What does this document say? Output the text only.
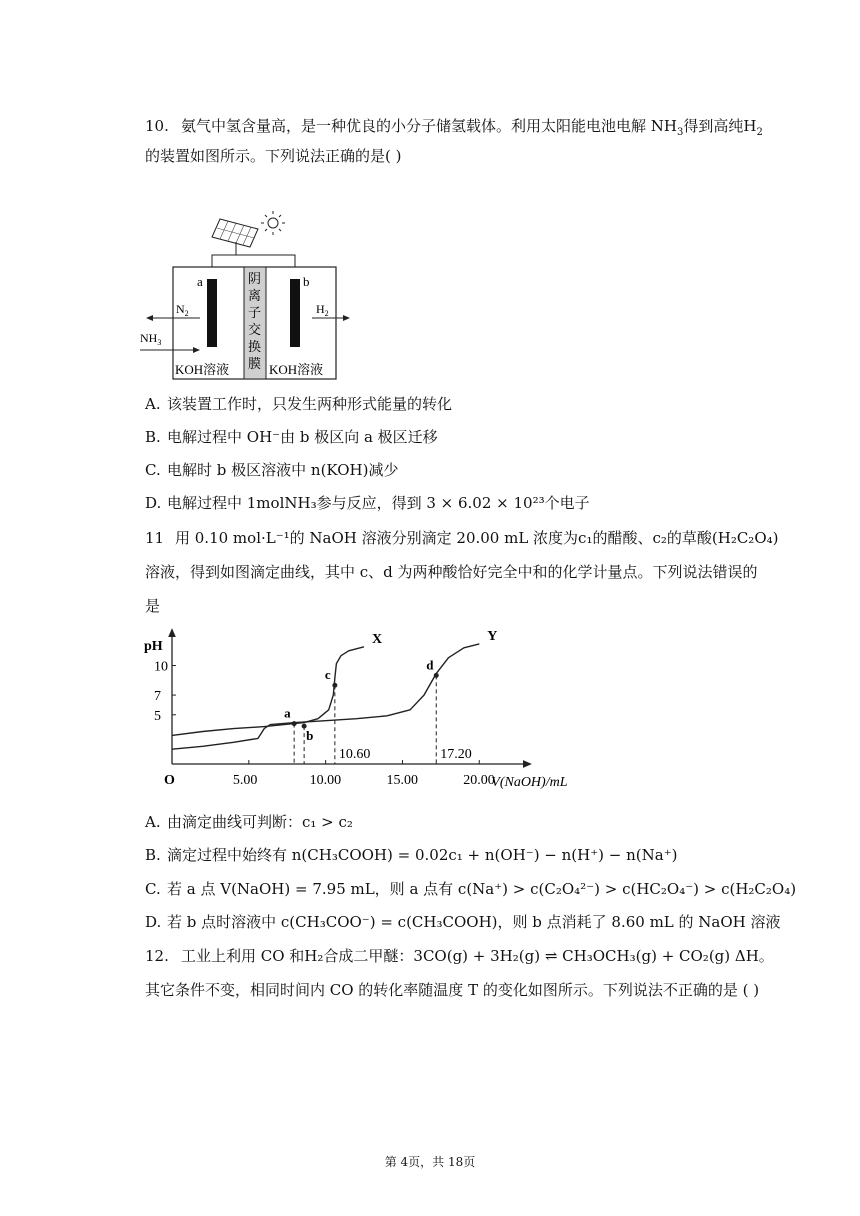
10. 氨气中氢含量高，是一种优良的小分子储氢载体。利用太阳能电池电解 $NH_3$得到高纯$H_2$
的装置如图所示。下列说法正确的是( )
a	b
阴
离
子
交
换
膜
$N_2$
$NH_3$
$H_2$
KOH溶液	KOH溶液
A. 该装置工作时，只发生两种形式能量的转化
B. 电解过程中 OH⁻由 b 极区向 a 极区迁移
C. 电解时 b 极区溶液中 n(KOH)减少
D. 电解过程中 1molNH₃参与反应，得到 3 × 6.02 × 10²³个电子
11 用 0.10 mol·L⁻¹的 NaOH 溶液分别滴定 20.00 mL 浓度为c₁的醋酸、c₂的草酸(H₂C₂O₄)
溶液，得到如图滴定曲线，其中 c、d 为两种酸恰好完全中和的化学计量点。下列说法错误的
是
pH
O	V(NaOH)/mL
5.00	10.00	15.00	20.00
5
7
10
X	Y
a
b
c
d
10.60	17.20
A. 由滴定曲线可判断：c₁ > c₂
B. 滴定过程中始终有 n(CH₃COOH) = 0.02c₁ + n(OH⁻) − n(H⁺) − n(Na⁺)
C. 若 a 点 V(NaOH) = 7.95 mL，则 a 点有 c(Na⁺) > c(C₂O₄²⁻) > c(HC₂O₄⁻) > c(H₂C₂O₄)
D. 若 b 点时溶液中 c(CH₃COO⁻) = c(CH₃COOH)，则 b 点消耗了 8.60 mL 的 NaOH 溶液
12. 工业上利用 CO 和H₂合成二甲醚：3CO(g) + 3H₂(g) ⇌ CH₃OCH₃(g) + CO₂(g) ΔH。
其它条件不变，相同时间内 CO 的转化率随温度 T 的变化如图所示。下列说法不正确的是 ( )
第 4页，共 18页
